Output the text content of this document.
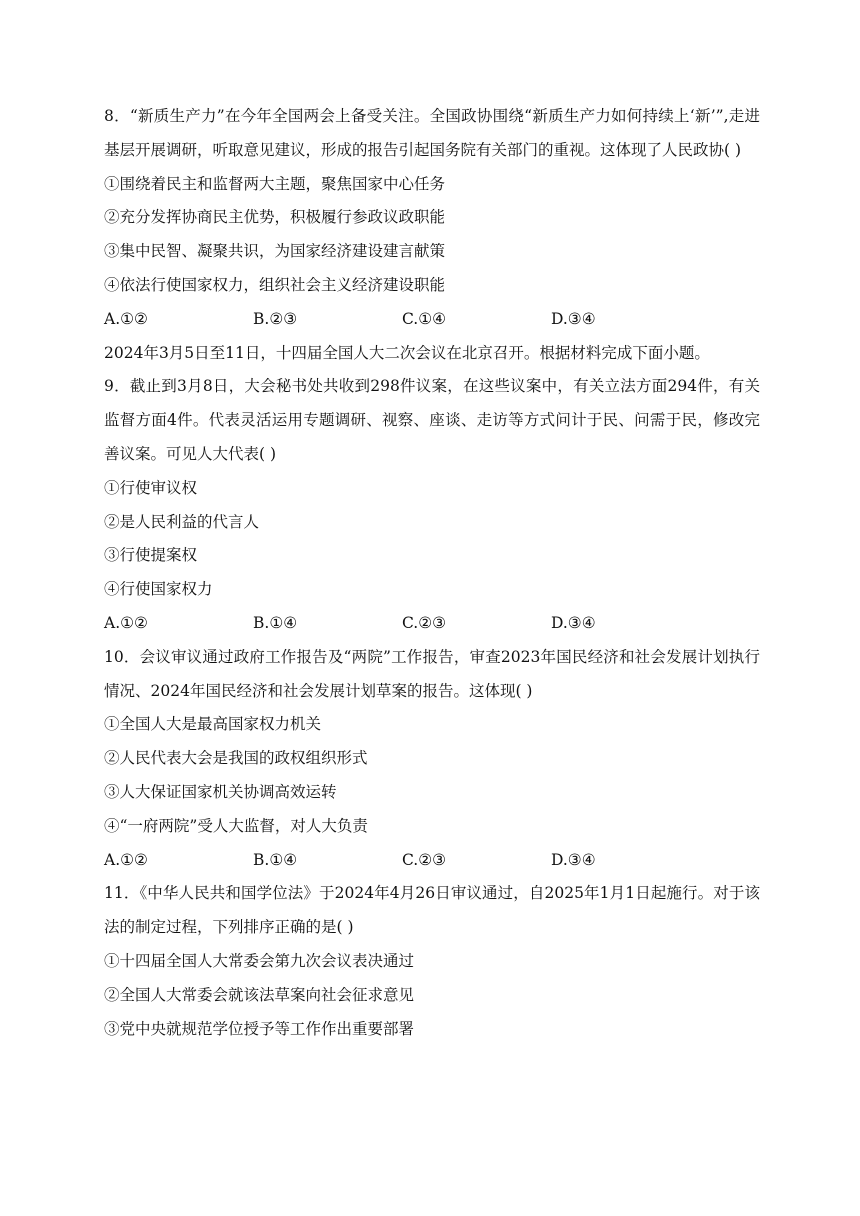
8．“新质生产力”在今年全国两会上备受关注。全国政协围绕“新质生产力如何持续上‘新’”,走进基层开展调研，听取意见建议，形成的报告引起国务院有关部门的重视。这体现了人民政协( )
①围绕着民主和监督两大主题，聚焦国家中心任务
②充分发挥协商民主优势，积极履行参政议政职能
③集中民智、凝聚共识，为国家经济建设建言献策
④依法行使国家权力，组织社会主义经济建设职能
A.①②	B.②③	C.①④	D.③④
2024年3月5日至11日，十四届全国人大二次会议在北京召开。根据材料完成下面小题。
9．截止到3月8日，大会秘书处共收到298件议案，在这些议案中，有关立法方面294件，有关监督方面4件。代表灵活运用专题调研、视察、座谈、走访等方式问计于民、问需于民，修改完善议案。可见人大代表( )
①行使审议权
②是人民利益的代言人
③行使提案权
④行使国家权力
A.①②	B.①④	C.②③	D.③④
10．会议审议通过政府工作报告及“两院”工作报告，审查2023年国民经济和社会发展计划执行情况、2024年国民经济和社会发展计划草案的报告。这体现( )
①全国人大是最高国家权力机关
②人民代表大会是我国的政权组织形式
③人大保证国家机关协调高效运转
④“一府两院”受人大监督，对人大负责
A.①②	B.①④	C.②③	D.③④
11．《中华人民共和国学位法》于2024年4月26日审议通过，自2025年1月1日起施行。对于该法的制定过程，下列排序正确的是( )
①十四届全国人大常委会第九次会议表决通过
②全国人大常委会就该法草案向社会征求意见
③党中央就规范学位授予等工作作出重要部署
